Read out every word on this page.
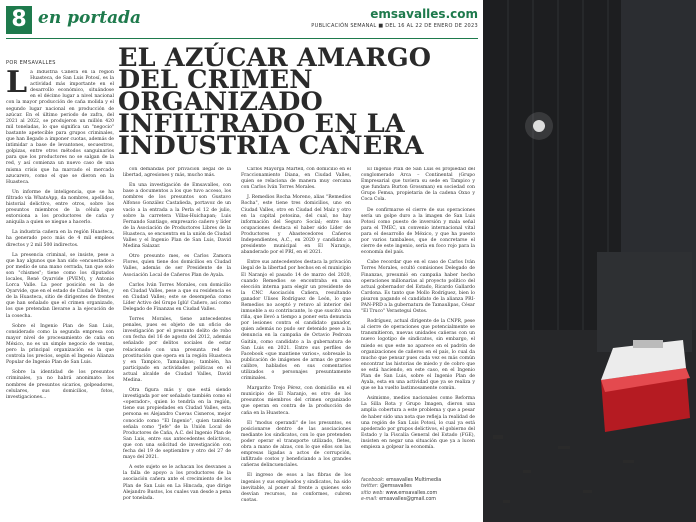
8 en portada	emsavalles.com
PUBLICACIÓN SEMANAL ■ DEL 16 AL 22 DE ENERO DE 2023
POR EMSAVALLES EL AZÚCAR AMARGO DEL CRIMEN ORGANIZADO INFILTRADO EN LA INDUSTRIA CAÑERA
L a Industria Cañera en la región Huasteca, de San Luis Potosí, es la actividad más importante en el desarrollo económico, situándose en el décimo lugar a nivel nacional con la mayor producción de caña molida y el segundo lugar nacional en producción de azúcar. En el último periodo de zafra, del 2021 al 2022, se produjeron un millón 420 mil toneladas, lo que significa un "negocio" bastante apetecible para grupos criminales, que han llegado a imponer cuotas, además de intimidar a base de levantones, secuestros, golpizas, entre otros métodos sanguinarios para que los productores no se salgan de la red, y así comienza un nuevo caso de una misma crisis que ha marcado el mercado azucarero, como el que se dieron en la Huasteca.

Un informe de inteligencia, que se ha filtrado vía WhatsApp, da nombres, apellidos, historial delictivo, entre otros, sobre los presuntos miembros de la célula que extorsiona a los productores de caña y aniquila a quien se niegue a hacerlo.

La industria cañera en la región Huasteca, ha generado poco más de 4 mil empleos directos y 2 mil 500 indirectos.

La presencia criminal, se insiste, pese a que hay algunos que han sido «encuestados» por medio de una mano cerrada, tan que solo son "chismes"; tiene como los diputados locales, René Oyarvide (PVEM), y Antonio Lorca Valle. La peor posición es la de Oyarvide, que en el estado de Ciudad Valles, y de la Huasteca, sitio de dirigentes de frentes que han señalado que el crimen organizado, los que pretendan llevarse a la ejecución de la cosecha.

Sobre el Ingenio Plan de San Luis, considerado como la segunda empresa con mayor nivel de procesamiento de caña en México, no es un simple negocio de ventas, pero la principal organización es la que controla los precios, según el Ingenio Alianza Popular de Ingenio Plan de San Luis.

Sobre la identidad de los presuntos criminales, ya no habrá anonimato: los nombres de presuntos sicarios, golpeadores, celulares, sus domicilios, fotos, investigaciones...

con demandas por privación ilegal de la libertad, agresiones y más, mucho más.

En una investigación de Emsavalles, con base a documentos a los que tuvo acceso, los nombres de los presuntos son Gustavo Alfonso González Castañeda, portavoz de un vacío a la entrada a la Perla el 12 de julio, sobre la carretera Villas-Huichapan; Luis Fernando Santiago, empresario cañero y líder de la Asociación de Productores Libres de la Huasteca, se encuentra en la unión de Ciudad Valles y el Ingenio Plan de San Luis, David Medina Salazar.

Otro presunto mes, es Carlos Zamora Flores, quien tiene dos domicilios en Ciudad Valles, además de ser Presidente de la Asociación Local de Cañeros Plan de Ayala.

Carlos Iván Torres Morales, con domicilio en Ciudad Valles, pese a que su residencia es en Ciudad Valles; este se desempeña como Líder Activo del Grupo Iglú! Cañero, así como Delegado de Finanzas en Ciudad Valles.

Torres Morales, tiene antecedentes penales, pues es objeto de un oficio de investigación por el presunto delito de robo con fecha del 16 de agosto del 2012, además señalado por delitos sociales de estar relacionado con una presunta red de prostitución que opera en la región Huasteca y en Tampico, Tamaulipas; también, ha participado en actividades políticas en el actual alcalde de Ciudad Valles, David Medina.

Otra figura más y que está siendo investigada por ser señalado también como el «operador», quien lo tendría en la región, tiene sus propiedades en Ciudad Valles, esta persona es Alejandro Cuevas Cisneros, mejor conocido como "El Ingenio", quien también señala como "Jefe" de la Unión Local de Productores de Caña, A.C. del Ingenio Plan de San Luis, entre sus antecedentes delictivos, que con una solicitud de investigación con fecha del 19 de septiembre y otro del 27 de mayo del 2021.

A este sujeto se le achacan los desvanes a la falla de apoyo a los productores de la asociación cañera ante el crecimiento de los Plan de San Luis en La Hincada, que dirige Alejandro Bustos, los cuales van desde a pena por tonelada.

Carlos Mayorga Martell, con domicilio en el Fraccionamiento Diana, en Ciudad Valles, quien se relaciona de manera muy cercana con Carlos Iván Torres Morales.

J. Remedios Rocha Moreno, alias "Remedios Rocha", este tiene tres domicilios, uno en Ciudad Valles, otro en Ciudad del Maíz y otro en la capital potosina, del cual, no hay información del Seguro Social; entre sus ocupaciones destaca el haber sido Líder de Productores y Abastecedores Cañeros Independientes, A.C., en 2020 y candidato a presidente municipal en El Naranjo, abanderado por el PRI, en el 2021.

Entre sus antecedentes destaca la privación ilegal de la libertad por hechos en el municipio El Naranjo el pasado 14 de marzo del 2020, cuando Remedios se encontraba en una elección interna para elegir un presidente de la CNC Asociación Cañera, resultando ganador Ulises Rodríguez de León, lo que Remedios no aceptó y retuvo al interior del inmueble a su contrincante, lo que suscitó una riña, que llevó a tiempo a poner esta denuncia por lesiones contra el candidato ganador, quien además no pudo ser detenido pese a la denuncia en la campaña de Octavio Pedroza Gaitán, como candidato a la gubernatura de San Luis en 2021. Entre sus perfiles de Facebook «que mantiene varios», sobresale la publicación de imágenes de armas de grueso calibre, hablados en sus comentarios utilizados o personajes presuntamente criminales.

Margarito Trejo Pérez, con domicilio en el municipio de El Naranjo, es otro de los presuntos miembros del crimen organizado que operan en contra de la producción de caña en la Huasteca.

El "modus operandi" de los presuntos, es posicionarse dentro de las asociaciones mediante los sindicatos, con lo que pretenden poder operar el transporte utilizado, fletes, obra a mano de alzas, con lo que ellos son las empresas ligadas a actos de corrupción, infiltrado costos y beneficiando a los grandes cañeras delincuenciales.

El ingreso de esos a las fibras de los ingenios y sus empleados y sindicatos, ha sido inevitable, al poner al frente a quienes solo desvían recursos, no conformes, cubren cuotas.

El Ingenio Plan de San Luis es propiedad del conglomerado Arca – Continental (Grupo Empresarial que tuviera su sede en Tampico y que fundara Burton Grossman) en sociedad con Grupo Femsa, propietaria de la cadena Oxxo y Coca Cola.

De confirmarse el cierre de sus operaciones sería un golpe duro a la imagen de San Luis Potosí como puesto de inversión y mala señal para el TMEC, un convenio internacional vital para el desarrollo de México, y que ha puesto por varios tambaleos, que de concretarse el cierre de este ingenio, sería en foco rojo para la economía del país.

Cabe recordar que en el caso de Carlos Iván Torres Morales, ocultó comisiones Delegado de Finanzas, presumió en campaña haber hecho operaciones millonarias al proyecto político del actual gobernador del Estado, Ricardo Gallardo Cardona. Es tanto que Mollo Rodríguez, bien lo pisaron pagando el candidato de la alianza PRI-PAN-PRD a la gubernatura de Tamaulipas, César "El Truco" Verastegui Ostos.

Rodríguez, actual dirigente de la CNPR, pese al cierre de operaciones que potencialmente se transmitieron, nuevas unidades cañeras con un nuevo logotipo de sindicatos, sin embargo, el miedo es que este no aparece en el padrón de organizaciones de cañeros en el país, lo cual da mucho que pensar pues cada vez es más común encontrar las historias de miedo y de cobro que se está haciendo, en este caso, en el Ingenio Plan de San Luis, sobre el Ingenio Plan de Ayala, esta en una actividad que ya se realiza y que se ha vuelto lastimosamente común.

Asimismo, medios nacionales como Reforma La Silla Rota y Grupo Imagen, dieron una amplia cobertura a este problema y que a pesar de haber sido una nota que refleja la realidad de una región de San Luis Potosí, lo cual ya está apoderado por grupos delictivos, el gobierno del Estado y la Fiscalía General del Estado (FGE), insisten en negar una situación que ya a lucen empieza a golpear la economía.

facebook: emsavalles Multimedia
twitter: @emsavalles
sitio web: www.emsavalles.com
e-mail: emsavalles@gmail.com
